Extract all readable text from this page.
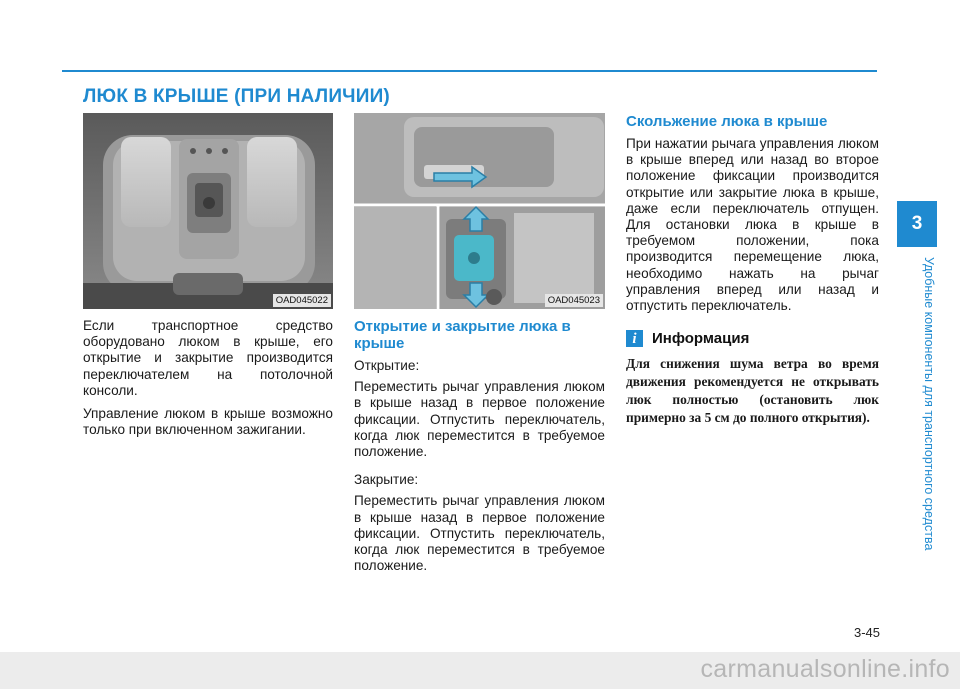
ЛЮК В КРЫШЕ (ПРИ НАЛИЧИИ)
3
Удобные компоненты для транспортного средства
OAD045022	OAD045023

Если транспортное средство оборудовано люком в крыше, его открытие и закрытие производится переключателем на потолочной консоли.

Управление люком в крыше возможно только при включенном зажигании.

Открытие и закрытие люка в крыше

Открытие:

Переместить рычаг управления люком в крыше назад в первое положение фиксации. Отпустить переключатель, когда люк переместится в требуемое положение.

Закрытие:

Переместить рычаг управления люком в крыше назад в первое положение фиксации. Отпустить переключатель, когда люк переместится в требуемое положение.

Скольжение люка в крыше

При нажатии рычага управления люком в крыше вперед или назад во второе положение фиксации производится открытие или закрытие люка в крыше, даже если переключатель отпущен. Для остановки люка в крыше в требуемом положении, пока производится перемещение люка, необходимо нажать на рычаг управления вперед или назад и отпустить переключатель.

i	Информация

Для снижения шума ветра во время движения рекомендуется не открывать люк полностью (остановить люк примерно за 5 см до полного открытия).

3-45
carmanualsonline.info
